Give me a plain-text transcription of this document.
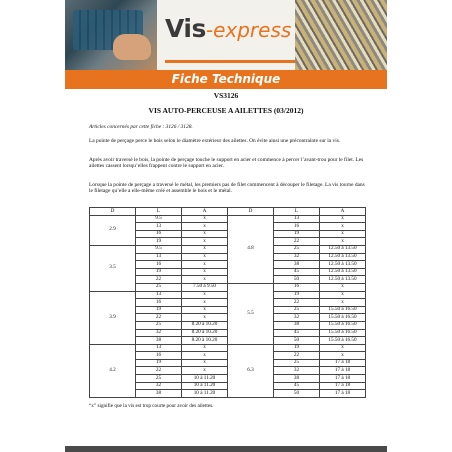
Vis-express
Fiche Technique
VS3126
VIS AUTO-PERCEUSE A AILETTES (03/2012)

Articles concernés par cette fiche : 3126 / 3128.

La pointe de perçage perce le bois selon le diamètre extérieur des ailettes. On évite ainsi une précontrainte sur la vis.

Après avoir traversé le bois, la pointe de perçage touche le support en acier et commence à percer l’avant-trou pour le filet. Les ailettes cassent lorsqu’elles frappent contre le support en acier.

Lorsque la pointe de perçage a traversé le métal, les premiers pas de filet commencent à découper le filetage. La vis tourne dans le filetage qu’elle a elle-même créé et assemble le bois et le métal.

D	L	A	D	L	A
2.9	9.5	x	4.8	13	x
	13	x		16	x
	16	x		19	x
	19	x		22	x
3.5	9.5	x		25	12.50 à 13.50
	13	x		32	12.50 à 13.50
	16	x		38	12.50 à 13.50
	19	x		45	12.50 à 13.50
	22	x		50	12.50 à 13.50
	25	7.50 à 9.50	5.5	16	x
3.9	13	x		19	x
	16	x		22	x
	19	x		25	15.50 à 16.50
	22	x		32	15.50 à 16.50
	25	8.20 à 10.20		38	15.50 à 16.50
	32	8.20 à 10.20		45	15.50 à 16.50
	38	8.20 à 10.20		50	15.50 à 16.50
4.2	13	x	6.3	19	x
	16	x		22	x
	19	x		25	17 à 18
	22	x		32	17 à 18
	25	10 à 11.20		38	17 à 18
	32	10 à 11.20		45	17 à 18
	38	10 à 11.20		50	17 à 18
“x” signifie que la vis est trop courte pour avoir des ailettes.
